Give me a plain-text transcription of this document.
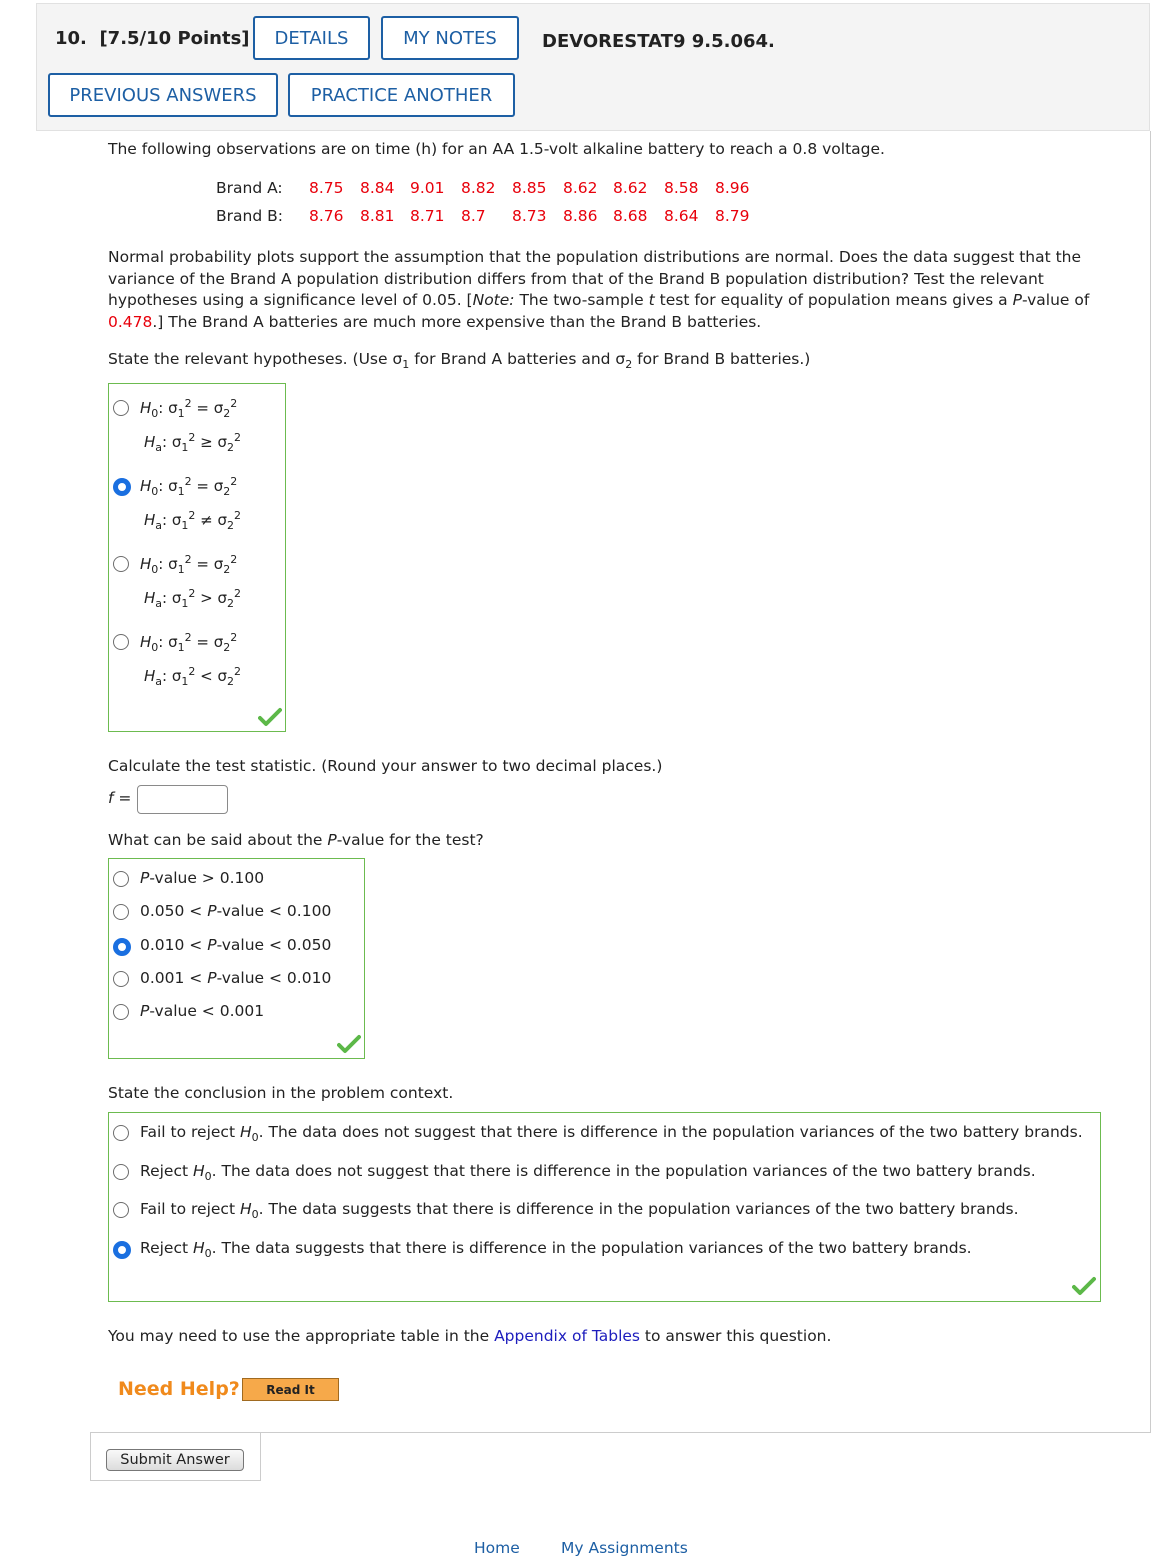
10. [7.5/10 Points]	DETAILS	MY NOTES	DEVORESTAT9 9.5.064.
PREVIOUS ANSWERS	PRACTICE ANOTHER
The following observations are on time (h) for an AA 1.5-volt alkaline battery to reach a 0.8 voltage.
Brand A: 8.75 8.84 9.01 8.82 8.85 8.62 8.62 8.58 8.96
Brand B: 8.76 8.81 8.71 8.7 8.73 8.86 8.68 8.64 8.79
Normal probability plots support the assumption that the population distributions are normal. Does the data suggest that the
variance of the Brand A population distribution differs from that of the Brand B population distribution? Test the relevant
hypotheses using a significance level of 0.05. [Note: The two-sample t test for equality of population means gives a P-value of
0.478.] The Brand A batteries are much more expensive than the Brand B batteries.
State the relevant hypotheses. (Use $\sigma_1$ for Brand A batteries and $\sigma_2$ for Brand B batteries.)
$H_0$: $\sigma_1^2 = \sigma_2^2$
$H_a$: $\sigma_1^2 \ge \sigma_2^2$
$H_0$: $\sigma_1^2 = \sigma_2^2$
$H_a$: $\sigma_1^2 \ne \sigma_2^2$
$H_0$: $\sigma_1^2 = \sigma_2^2$
$H_a$: $\sigma_1^2 > \sigma_2^2$
$H_0$: $\sigma_1^2 = \sigma_2^2$
$H_a$: $\sigma_1^2 < \sigma_2^2$
Calculate the test statistic. (Round your answer to two decimal places.)
f =
What can be said about the P-value for the test?
P-value > 0.100
0.050 < P-value < 0.100
0.010 < P-value < 0.050
0.001 < P-value < 0.010
P-value < 0.001
State the conclusion in the problem context.
Fail to reject $H_0$. The data does not suggest that there is difference in the population variances of the two battery brands.
Reject $H_0$. The data does not suggest that there is difference in the population variances of the two battery brands.
Fail to reject $H_0$. The data suggests that there is difference in the population variances of the two battery brands.
Reject $H_0$. The data suggests that there is difference in the population variances of the two battery brands.
You may need to use the appropriate table in the Appendix of Tables to answer this question.
Need Help? Read It
Submit Answer
Home	My Assignments
